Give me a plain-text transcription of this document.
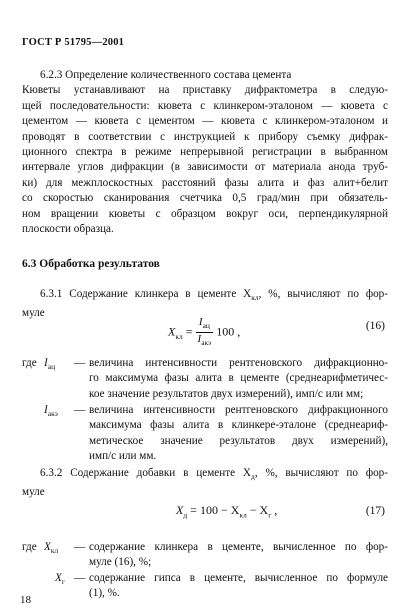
ГОСТ Р 51795—2001
6.2.3 Определение количественного состава цемента
Кюветы устанавливают на приставку дифрактометра в следую-
щей последовательности: кювета с клинкером-эталоном — кювета с
цементом — кювета с цементом — кювета с клинкером-эталоном и
проводят в соответствии с инструкцией к прибору съемку дифрак-
ционного спектра в режиме непрерывной регистрации в выбранном
интервале углов дифракции (в зависимости от материала анода труб-
ки) для межплоскостных расстояний фазы алита и фаз алит+белит
со скоростью сканирования счетчика 0,5 град/мин при обязатель-
ном вращении кюветы с образцом вокруг оси, перпендикулярной
плоскости образца.
6.3 Обработка результатов
6.3.1 Содержание клинкера в цементе $X_{кл}$, %, вычисляют по фор-
муле
$X_{кл} = \frac{I_{ац}}{I_{акэ}} 100$ ,	(16)
где $I_{ац}$ — величина интенсивности рентгеновского дифракционно-
го максимума фазы алита в цементе (среднеарифметичес-
кое значение результатов двух измерений), имп/с или мм;
$I_{акэ}$ — величина интенсивности рентгеновского дифракционного
максимума фазы алита в клинкере-эталоне (среднеариф-
метическое значение результатов двух измерений),
имп/с или мм.
6.3.2 Содержание добавки в цементе $X_д$, %, вычисляют по фор-
муле
$X_д = 100 - X_{кл} - X_г$ ,	(17)
где $X_{кл}$ — содержание клинкера в цементе, вычисленное по фор-
муле (16), %;
$X_г$ — содержание гипса в цементе, вычисленное по формуле
(1), %.
18
